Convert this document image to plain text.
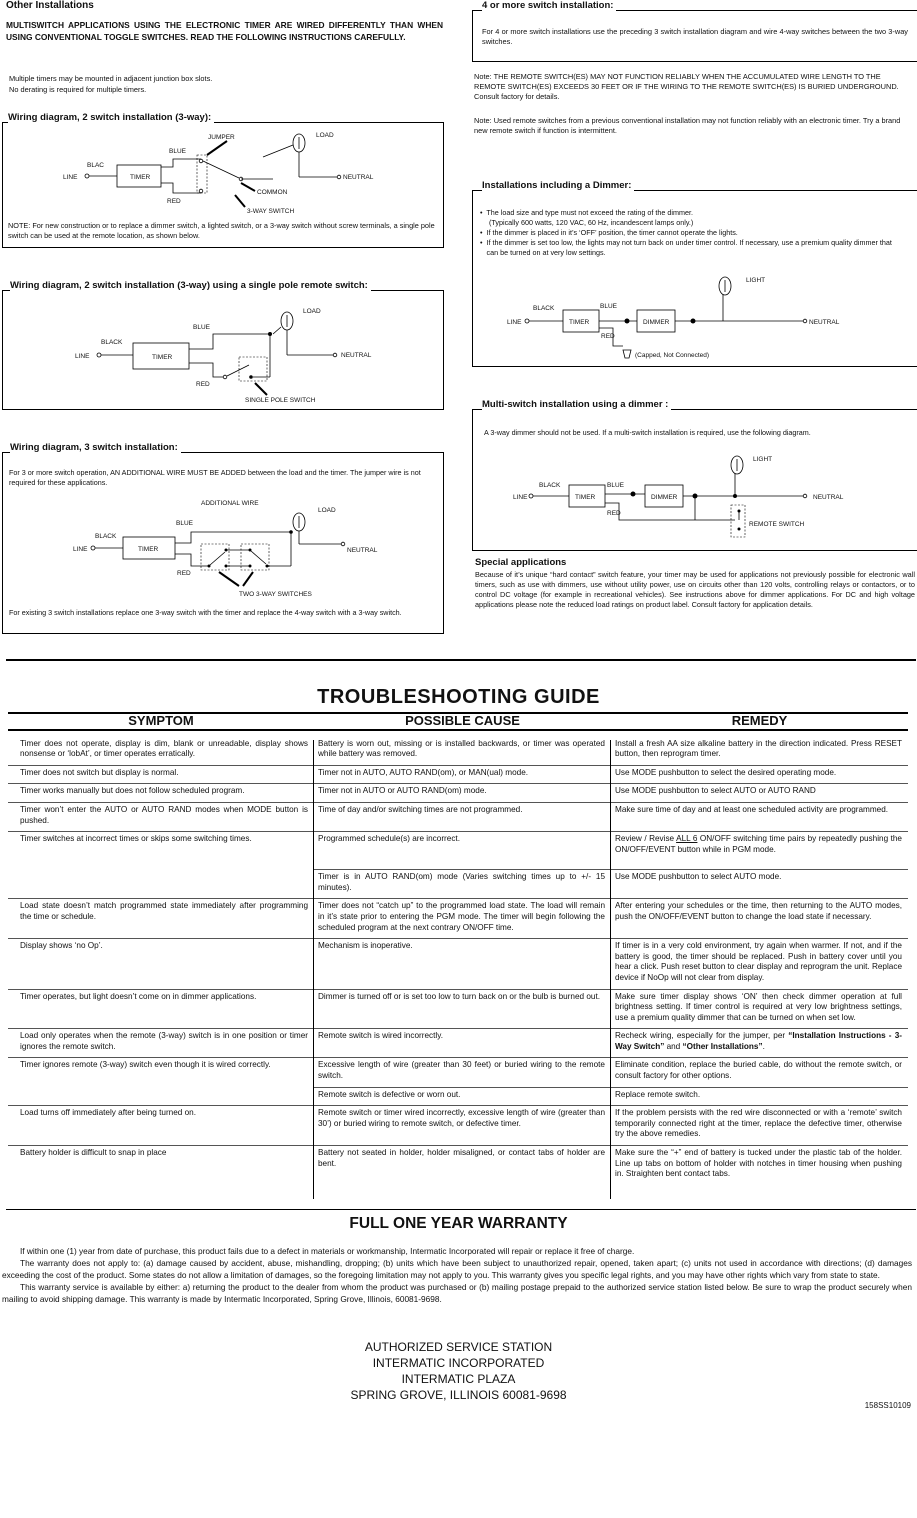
Other Installations
MULTISWITCH APPLICATIONS USING THE ELECTRONIC TIMER ARE WIRED DIFFERENTLY THAN WHEN USING CONVENTIONAL TOGGLE SWITCHES. READ THE FOLLOWING INSTRUCTIONS CAREFULLY.
Multiple timers may be mounted in adjacent junction box slots.
No derating is required for multiple timers.
Wiring diagram, 2 switch installation (3-way):
TIMER
LINE
BLAC
BLUE
RED
JUMPER	LOAD
NEUTRAL
COMMON
3-WAY SWITCH
NOTE: For new construction or to replace a dimmer switch, a lighted switch, or a 3-way switch without screw terminals, a single pole switch can be used at the remote location, as shown below.
Wiring diagram, 2 switch installation (3-way) using a single pole remote switch:
TIMER
LINE
BLACK
BLUE
RED
LOAD
NEUTRAL
SINGLE POLE SWITCH
Wiring diagram, 3 switch installation:
For 3 or more switch operation, AN ADDITIONAL WIRE MUST BE ADDED between the load and the timer. The jumper wire is not required for these applications.
TIMER
LINE
BLACK
BLUE
RED
ADDITIONAL WIRE
LOAD
NEUTRAL
TWO 3-WAY SWITCHES
For existing 3 switch installations replace one 3-way switch with the timer and replace the 4-way switch with a 3-way switch.
4 or more switch installation:
For 4 or more switch installations use the preceding 3 switch installation diagram and wire 4-way switches between the two 3-way switches.
Note: THE REMOTE SWITCH(ES) MAY NOT FUNCTION RELIABLY WHEN THE ACCUMULATED WIRE LENGTH TO THE REMOTE SWITCH(ES) EXCEEDS 30 FEET OR IF THE WIRING TO THE REMOTE SWITCH(ES) IS BURIED UNDERGROUND. Consult factory for details.
Note: Used remote switches from a previous conventional installation may not function reliably with an electronic timer. Try a brand new remote switch if function is intermittent.
Installations including a Dimmer:
•  The load size and type must not exceed the rating of the dimmer.
(Typically 600 watts, 120 VAC, 60 Hz, incandescent lamps only.)
•  If the dimmer is placed in it’s ‘OFF’ position, the timer cannot operate the lights.
• If the dimmer is set too low, the lights may not turn back on under timer control. If necessary, use a premium quality dimmer that can be turned on at very low settings.
TIMER
LINE
BLACK	BLUE
DIMMER
LIGHT
NEUTRAL
RED
(Capped, Not Connected)
Multi-switch installation using a dimmer :
A 3-way dimmer should not be used. If a multi-switch installation is required, use the following diagram.
TIMER
LINE
BLACK	BLUE
DIMMER
LIGHT
NEUTRAL
RED
REMOTE SWITCH
Special applications
Because of it’s unique “hard contact” switch feature, your timer may be used for applications not previously possible for electronic wall timers, such as use with dimmers, use without utility power, use on circuits other than 120 volts, controlling relays or contactors, or to control DC voltage (for example in recreational vehicles). See instructions above for dimmer applications. For DC and high voltage applications please note the reduced load ratings on product label. Consult factory for application details.
TROUBLESHOOTING GUIDE
SYMPTOM	POSSIBLE CAUSE	REMEDY
Timer does not operate, display is dim, blank or unreadable, display shows nonsense or ‘lobAt’, or timer operates erratically.	Battery is worn out, missing or is installed backwards, or timer was operated while battery was removed.	Install a fresh AA size alkaline battery in the direction indicated. Press RESET button, then reprogram timer.
Timer does not switch but display is normal.	Timer not in AUTO, AUTO RAND(om), or MAN(ual) mode.	Use MODE pushbutton to select the desired operating mode.
Timer works manually but does not follow scheduled program.	Timer not in AUTO or AUTO RAND(om) mode.	Use MODE pushbutton to select AUTO or AUTO RAND
Timer won’t enter the AUTO or AUTO RAND modes when MODE button is pushed.	Time of day and/or switching times are not programmed.	Make sure time of day and at least one scheduled activity are programmed.
Timer switches at incorrect times or skips some switching times.	Programmed schedule(s) are incorrect.	Review / Revise ALL 6 ON/OFF switching time pairs by repeatedly pushing the ON/OFF/EVENT button while in PGM mode.
	Timer is in AUTO RAND(om) mode (Varies switching times up to +/- 15 minutes).	Use MODE pushbutton to select AUTO mode.
Load state doesn’t match programmed state immediately after programming the time or schedule.	Timer does not “catch up” to the programmed load state. The load will remain in it’s state prior to entering the PGM mode. The timer will begin following the scheduled program at the next contrary ON/OFF time.	After entering your schedules or the time, then returning to the AUTO modes, push the ON/OFF/EVENT button to change the load state if necessary.
Display shows ‘no Op’.	Mechanism is inoperative.	If timer is in a very cold environment, try again when warmer. If not, and if the battery is good, the timer should be replaced. Push in battery cover until you hear a click. Push reset button to clear display and reprogram the unit. Replace device if NoOp will not clear from display.
Timer operates, but light doesn’t come on in dimmer applications.	Dimmer is turned off or is set too low to turn back on or the bulb is burned out.	Make sure timer display shows ‘ON’ then check dimmer operation at full brightness setting. If timer control is required at very low brightness settings, use a premium quality dimmer that can be turned on when set low.
Load only operates when the remote (3-way) switch is in one position or timer ignores the remote switch.	Remote switch is wired incorrectly.	Recheck wiring, especially for the jumper, per “Installation Instructions - 3-Way Switch” and “Other Installations”.
Timer ignores remote (3-way) switch even though it is wired correctly.	Excessive length of wire (greater than 30 feet) or buried wiring to the remote switch.	Eliminate condition, replace the buried cable, do without the remote switch, or consult factory for other options.
	Remote switch is defective or worn out.	Replace remote switch.
Load turns off immediately after being turned on.	Remote switch or timer wired incorrectly, excessive length of wire (greater than 30’) or buried wiring to remote switch, or defective timer.	If the problem persists with the red wire disconnected or with a ‘remote’ switch temporarily connected right at the timer, replace the defective timer, otherwise try the above remedies.
Battery holder is difficult to snap in place	Battery not seated in holder, holder misaligned, or contact tabs of holder are bent.	Make sure the “+” end of battery is tucked under the plastic tab of the holder. Line up tabs on bottom of holder with notches in timer housing when pushing in. Straighten bent contact tabs.
FULL ONE YEAR WARRANTY

If within one (1) year from date of purchase, this product fails due to a defect in materials or workmanship, Intermatic Incorporated will repair or replace it free of charge.

The warranty does not apply to: (a) damage caused by accident, abuse, mishandling, dropping; (b) units which have been subject to unauthorized repair, opened, taken apart; (c) units not used in accordance with directions; (d) damages exceeding the cost of the product. Some states do not allow a limitation of damages, so the foregoing limitation may not apply to you. This warranty gives you specific legal rights, and you may have other rights which vary from state to state.

This warranty service is available by either: a) returning the product to the dealer from whom the product was purchased or (b) mailing postage prepaid to the authorized service station listed below. Be sure to wrap the product securely when mailing to avoid shipping damage. This warranty is made by Intermatic Incorporated, Spring Grove, Illinois, 60081-9698.

AUTHORIZED SERVICE STATION
INTERMATIC INCORPORATED
INTERMATIC PLAZA
SPRING GROVE, ILLINOIS 60081-9698
158SS10109
